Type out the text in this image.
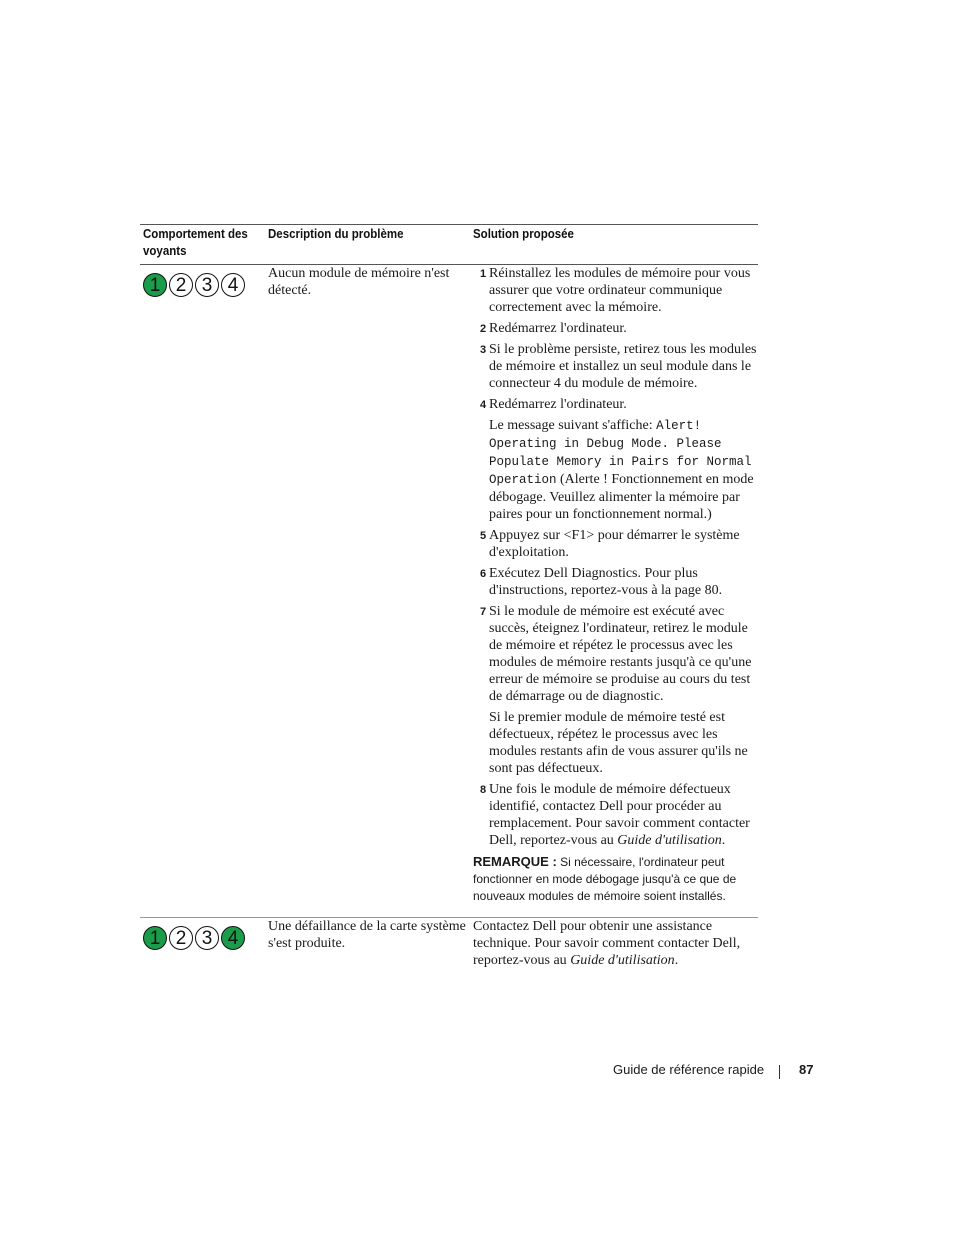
Comportement des voyants
Description du problème	Solution proposée
1 2 3 4
Aucun module de mémoire n'est détecté.
1 Réinstallez les modules de mémoire pour vous assurer que votre ordinateur communique correctement avec la mémoire.
2 Redémarrez l'ordinateur.
3 Si le problème persiste, retirez tous les modules de mémoire et installez un seul module dans le connecteur 4 du module de mémoire.
4 Redémarrez l'ordinateur.
Le message suivant s'affiche: Alert! Operating in Debug Mode. Please Populate Memory in Pairs for Normal Operation (Alerte ! Fonctionnement en mode débogage. Veuillez alimenter la mémoire par paires pour un fonctionnement normal.)
5 Appuyez sur <F1> pour démarrer le système d'exploitation.
6 Exécutez Dell Diagnostics. Pour plus d'instructions, reportez-vous à la page 80.
7 Si le module de mémoire est exécuté avec succès, éteignez l'ordinateur, retirez le module de mémoire et répétez le processus avec les modules de mémoire restants jusqu'à ce qu'une erreur de mémoire se produise au cours du test de démarrage ou de diagnostic.
Si le premier module de mémoire testé est défectueux, répétez le processus avec les modules restants afin de vous assurer qu'ils ne sont pas défectueux.
8 Une fois le module de mémoire défectueux identifié, contactez Dell pour procéder au remplacement. Pour savoir comment contacter Dell, reportez-vous au Guide d'utilisation.
REMARQUE : Si nécessaire, l'ordinateur peut fonctionner en mode débogage jusqu'à ce que de nouveaux modules de mémoire soient installés.
1 2 3 4
Une défaillance de la carte système s'est produite.
Contactez Dell pour obtenir une assistance technique. Pour savoir comment contacter Dell, reportez-vous au Guide d'utilisation.
Guide de référence rapide	87
